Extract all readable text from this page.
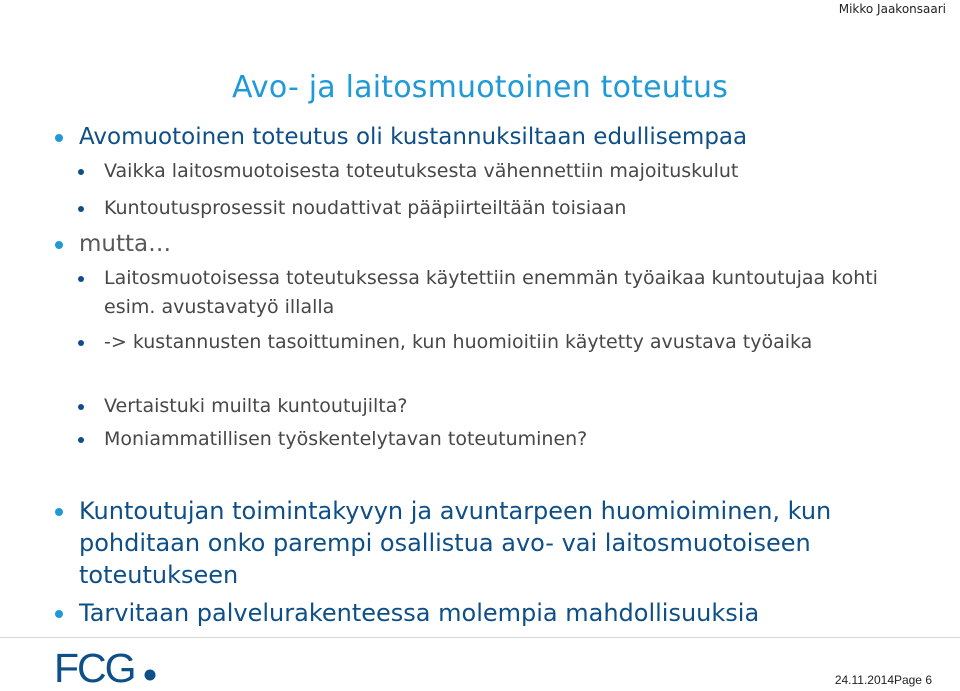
Mikko Jaakonsaari
Avo- ja laitosmuotoinen toteutus
Avomuotoinen toteutus oli kustannuksiltaan edullisempaa
Vaikka laitosmuotoisesta toteutuksesta vähennettiin majoituskulut
Kuntoutusprosessit noudattivat pääpiirteiltään toisiaan
mutta…
Laitosmuotoisessa toteutuksessa käytettiin enemmän työaikaa kuntoutujaa kohti esim. avustavatyö illalla
-> kustannusten tasoittuminen, kun huomioitiin käytetty avustava työaika
Vertaistuki muilta kuntoutujilta?
Moniammatillisen työskentelytavan toteutuminen?
Kuntoutujan toimintakyvyn ja avuntarpeen huomioiminen, kun pohditaan onko parempi osallistua avo- vai laitosmuotoiseen toteutukseen
Tarvitaan palvelurakenteessa molempia mahdollisuuksia
FCG	24.11.2014 Page 6
